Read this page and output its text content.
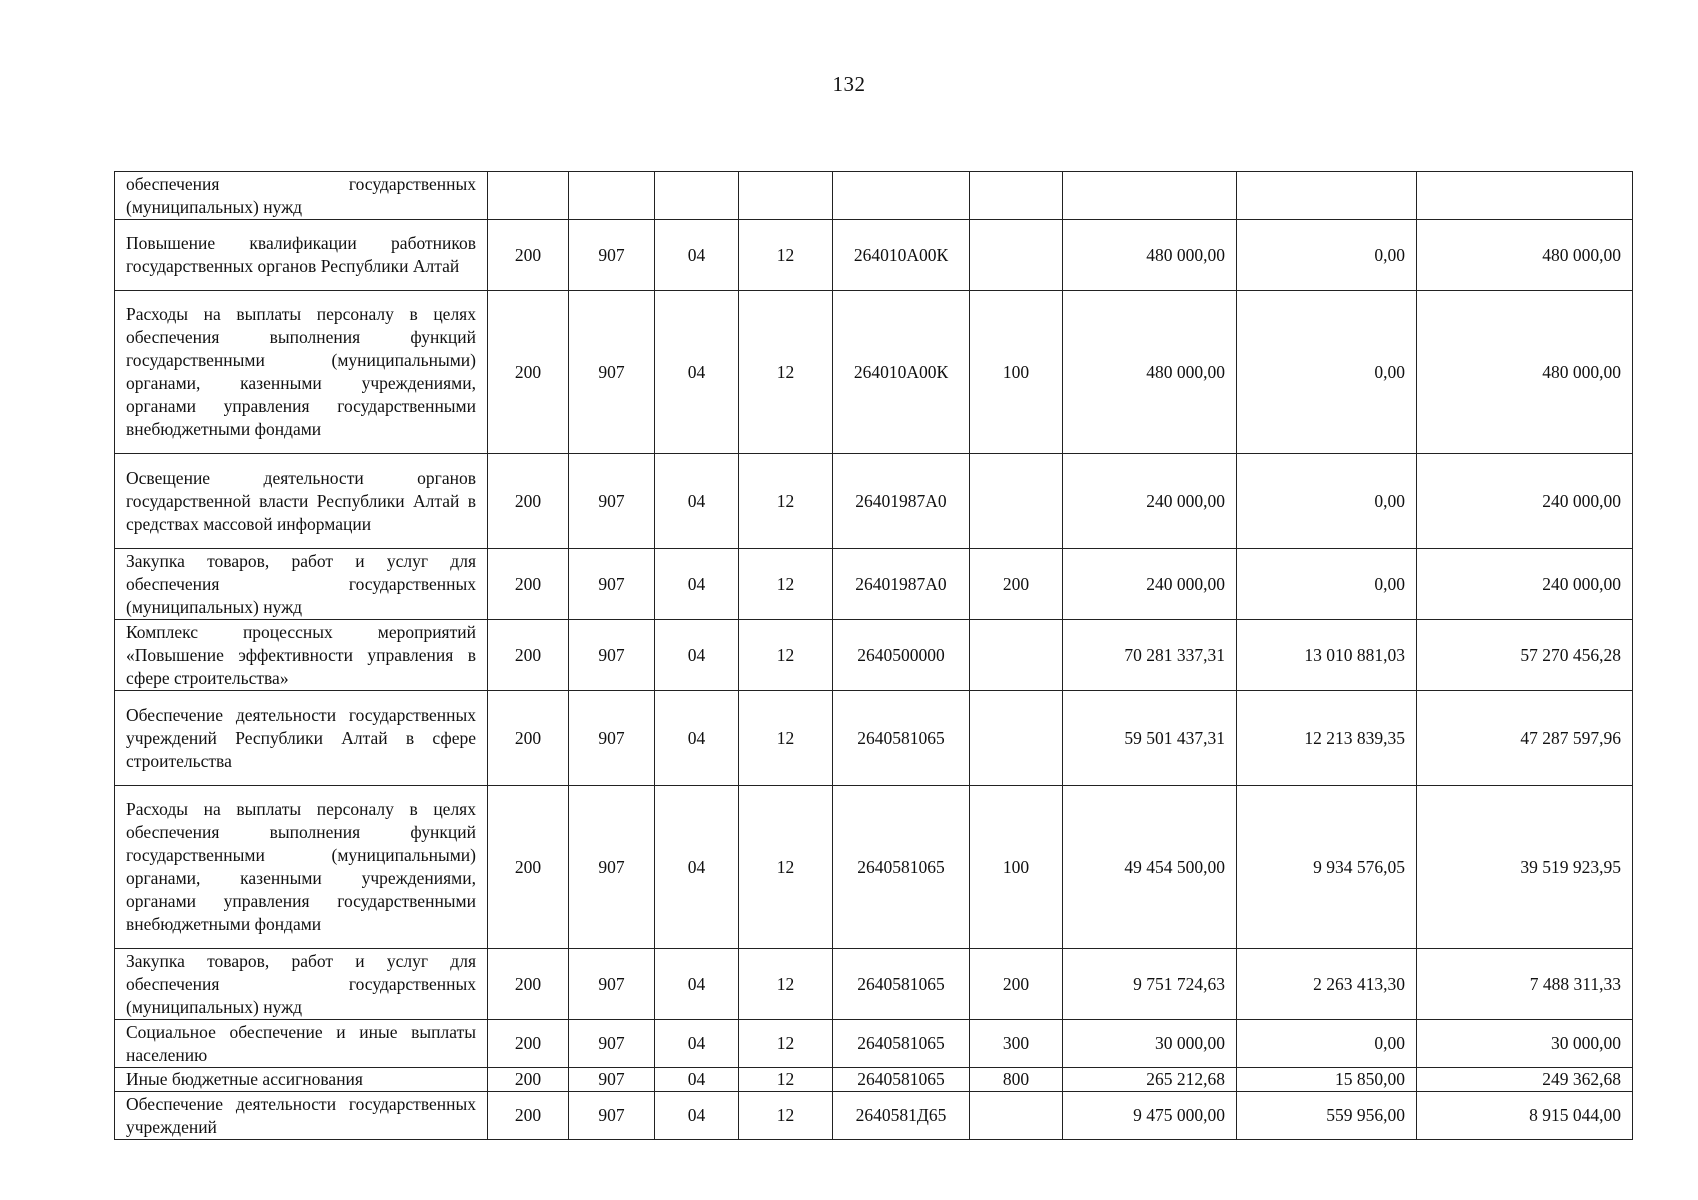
132
обеспечения государственных (муниципальных) нужд									
Повышение квалификации работников государственных органов Республики Алтай	200	907	04	12	264010А00К		480 000,00	0,00	480 000,00
Расходы на выплаты персоналу в целях обеспечения выполнения функций государственными (муниципальными) органами, казенными учреждениями, органами управления государственными внебюджетными фондами	200	907	04	12	264010А00К	100	480 000,00	0,00	480 000,00
Освещение деятельности органов государственной власти Республики Алтай в средствах массовой информации	200	907	04	12	26401987А0		240 000,00	0,00	240 000,00
Закупка товаров, работ и услуг для обеспечения государственных (муниципальных) нужд	200	907	04	12	26401987А0	200	240 000,00	0,00	240 000,00
Комплекс процессных мероприятий «Повышение эффективности управления в сфере строительства»	200	907	04	12	2640500000		70 281 337,31	13 010 881,03	57 270 456,28
Обеспечение деятельности государственных учреждений Республики Алтай в сфере строительства	200	907	04	12	2640581065		59 501 437,31	12 213 839,35	47 287 597,96
Расходы на выплаты персоналу в целях обеспечения выполнения функций государственными (муниципальными) органами, казенными учреждениями, органами управления государственными внебюджетными фондами	200	907	04	12	2640581065	100	49 454 500,00	9 934 576,05	39 519 923,95
Закупка товаров, работ и услуг для обеспечения государственных (муниципальных) нужд	200	907	04	12	2640581065	200	9 751 724,63	2 263 413,30	7 488 311,33
Социальное обеспечение и иные выплаты населению	200	907	04	12	2640581065	300	30 000,00	0,00	30 000,00
Иные бюджетные ассигнования	200	907	04	12	2640581065	800	265 212,68	15 850,00	249 362,68
Обеспечение деятельности государственных учреждений	200	907	04	12	2640581Д65		9 475 000,00	559 956,00	8 915 044,00
